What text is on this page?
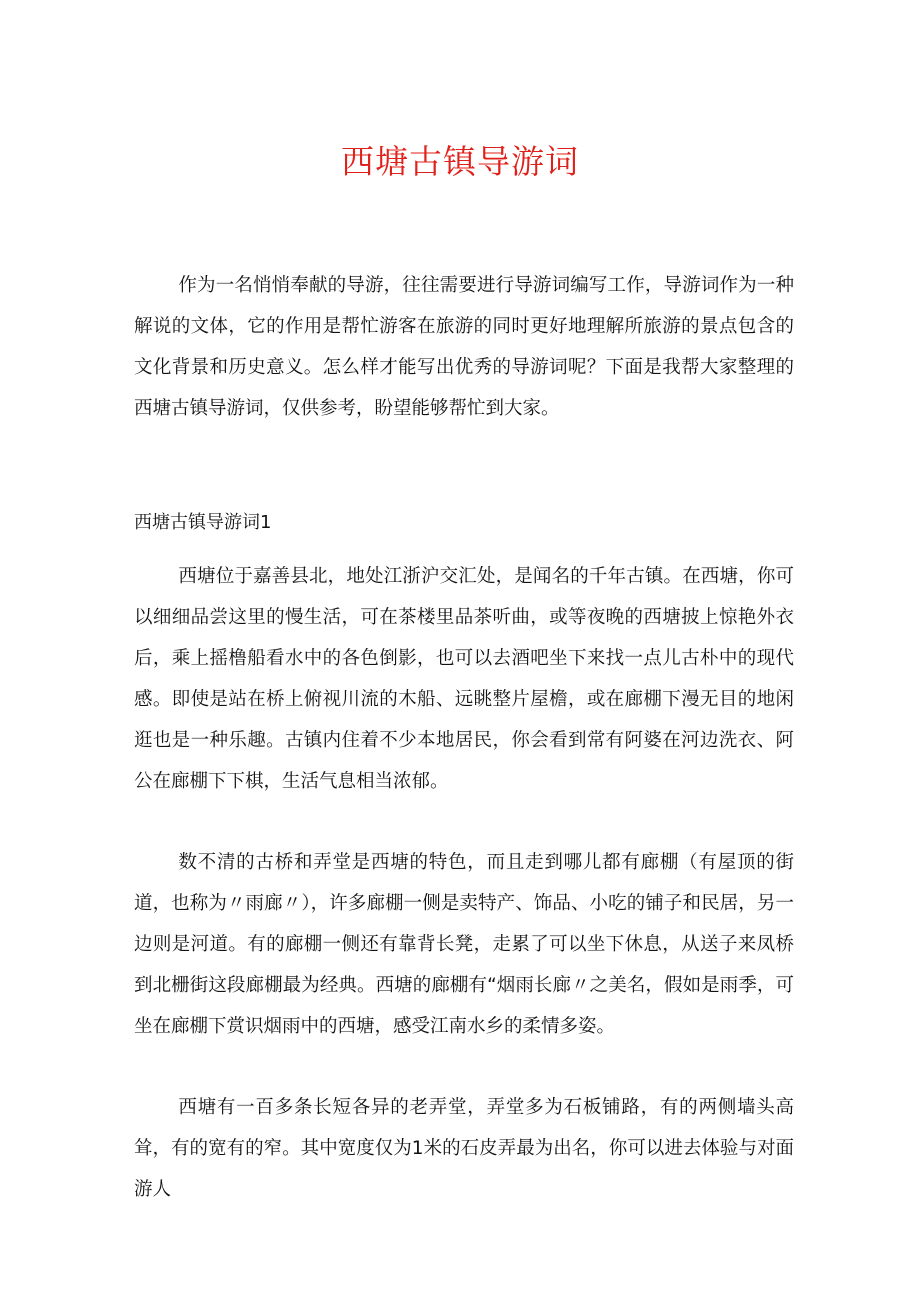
西塘古镇导游词

作为一名悄悄奉献的导游，往往需要进行导游词编写工作，导游词作为一种解说的文体，它的作用是帮忙游客在旅游的同时更好地理解所旅游的景点包含的文化背景和历史意义。怎么样才能写出优秀的导游词呢？下面是我帮大家整理的西塘古镇导游词，仅供参考，盼望能够帮忙到大家。

西塘古镇导游词1

西塘位于嘉善县北，地处江浙沪交汇处，是闻名的千年古镇。在西塘，你可以细细品尝这里的慢生活，可在茶楼里品茶听曲，或等夜晚的西塘披上惊艳外衣后，乘上摇橹船看水中的各色倒影，也可以去酒吧坐下来找一点儿古朴中的现代感。即使是站在桥上俯视川流的木船、远眺整片屋檐，或在廊棚下漫无目的地闲逛也是一种乐趣。古镇内住着不少本地居民，你会看到常有阿婆在河边洗衣、阿公在廊棚下下棋，生活气息相当浓郁。

数不清的古桥和弄堂是西塘的特色，而且走到哪儿都有廊棚（有屋顶的街道，也称为〃雨廊〃），许多廊棚一侧是卖特产、饰品、小吃的铺子和民居，另一边则是河道。有的廊棚一侧还有靠背长凳，走累了可以坐下休息，从送子来凤桥到北栅街这段廊棚最为经典。西塘的廊棚有“烟雨长廊〃之美名，假如是雨季，可坐在廊棚下赏识烟雨中的西塘，感受江南水乡的柔情多姿。

西塘有一百多条长短各异的老弄堂，弄堂多为石板铺路，有的两侧墙头高耸，有的宽有的窄。其中宽度仅为1米的石皮弄最为出名，你可以进去体验与对面游人
